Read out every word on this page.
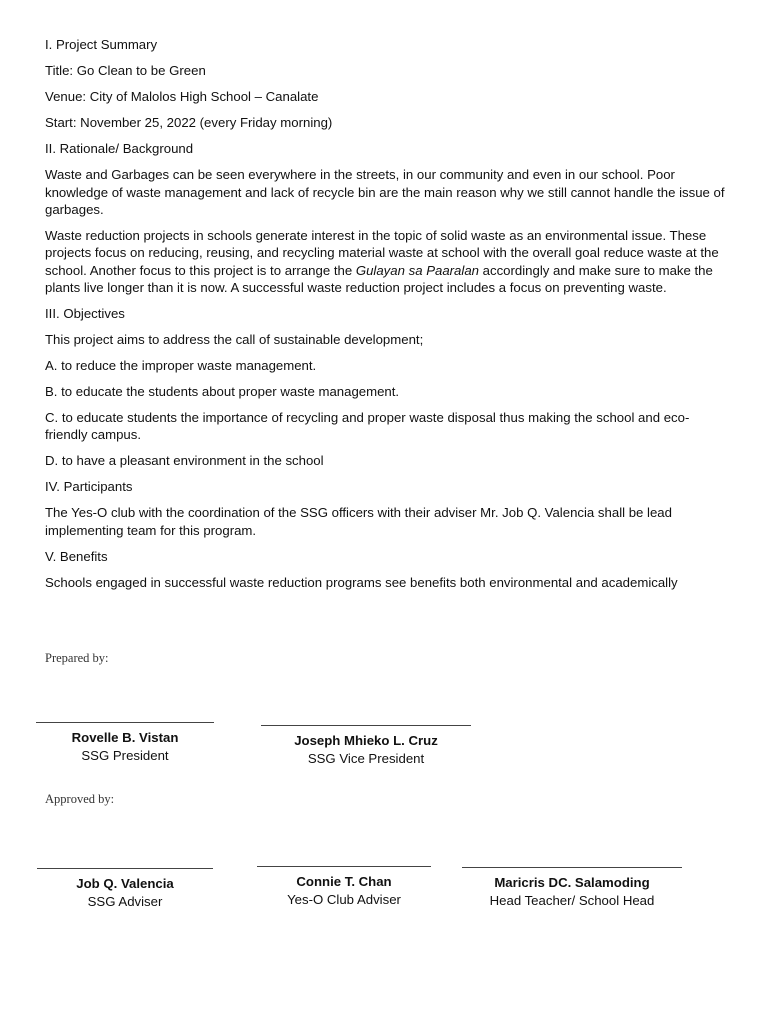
I. Project Summary

Title: Go Clean to be Green

Venue: City of Malolos High School – Canalate

Start: November 25, 2022 (every Friday morning)

II. Rationale/ Background

Waste and Garbages can be seen everywhere in the streets, in our community and even in our school. Poor knowledge of waste management and lack of recycle bin are the main reason why we still cannot handle the issue of garbages.

Waste reduction projects in schools generate interest in the topic of solid waste as an environmental issue. These projects focus on reducing, reusing, and recycling material waste at school with the overall goal reduce waste at the school. Another focus to this project is to arrange the Gulayan sa Paaralan accordingly and make sure to make the plants live longer than it is now. A successful waste reduction project includes a focus on preventing waste.

III. Objectives

This project aims to address the call of sustainable development;

A. to reduce the improper waste management.

B. to educate the students about proper waste management.

C. to educate students the importance of recycling and proper waste disposal thus making the school and eco- friendly campus.

D. to have a pleasant environment in the school

IV. Participants

The Yes-O club with the coordination of the SSG officers with their adviser Mr. Job Q. Valencia shall be lead implementing team for this program.

V. Benefits

Schools engaged in successful waste reduction programs see benefits both environmental and academically

Prepared by:
Rovelle B. Vistan
SSG President
Joseph Mhieko L. Cruz
SSG Vice President
Approved by:
Job Q. Valencia
SSG Adviser
Connie T. Chan
Yes-O Club Adviser
Maricris DC. Salamoding
Head Teacher/ School Head
